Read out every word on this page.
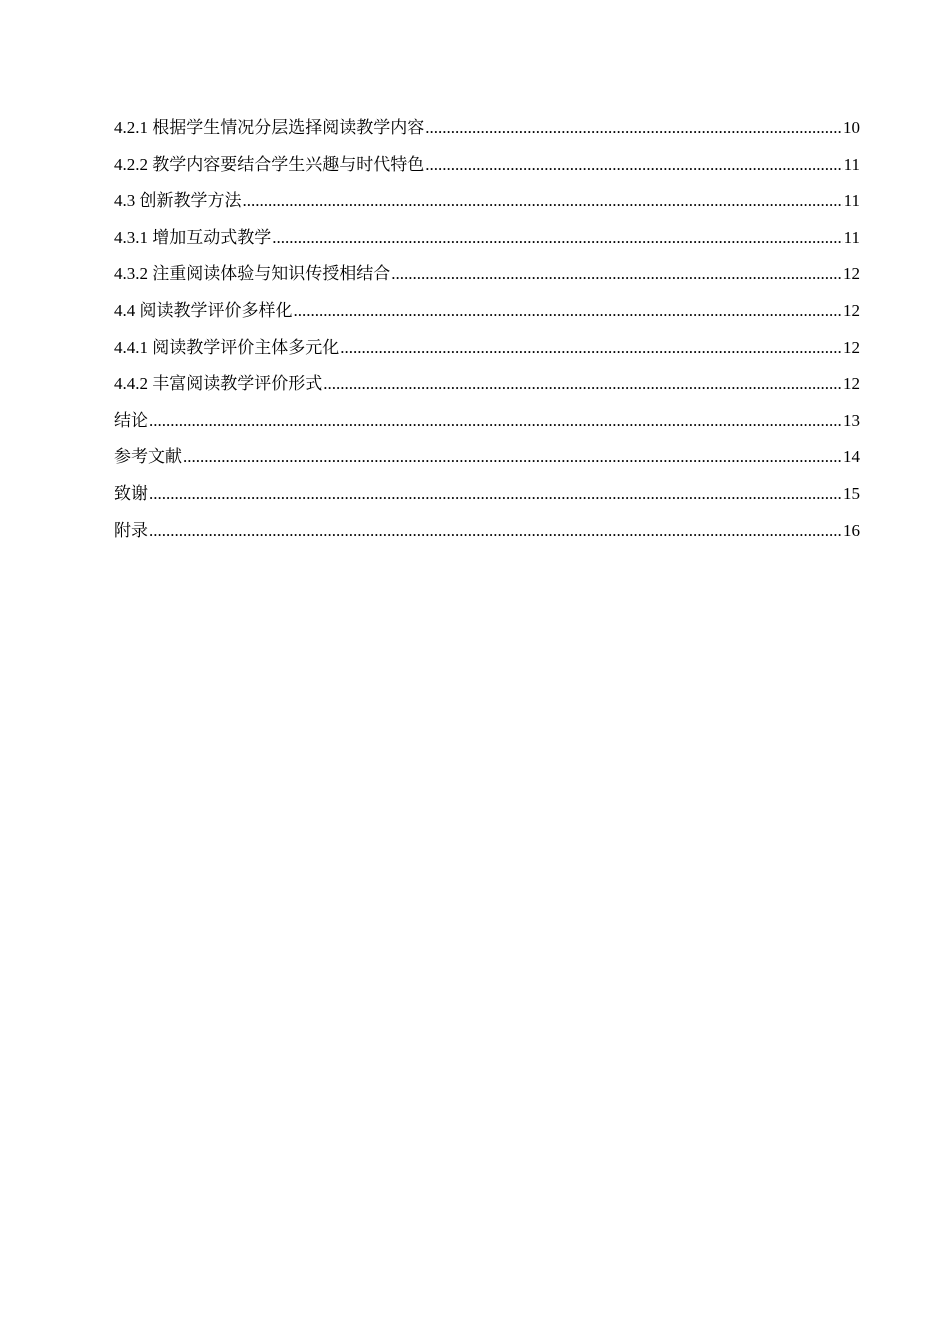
4.2.1 根据学生情况分层选择阅读教学内容 .....	10
4.2.2 教学内容要结合学生兴趣与时代特色 .....	11
4.3 创新教学方法 .....	11
4.3.1 增加互动式教学 .....	11
4.3.2 注重阅读体验与知识传授相结合 .....	12
4.4 阅读教学评价多样化 .....	12
4.4.1 阅读教学评价主体多元化 .....	12
4.4.2 丰富阅读教学评价形式 .....	12
结论 .....	13
参考文献 .....	14
致谢 .....	15
附录 .....	16
